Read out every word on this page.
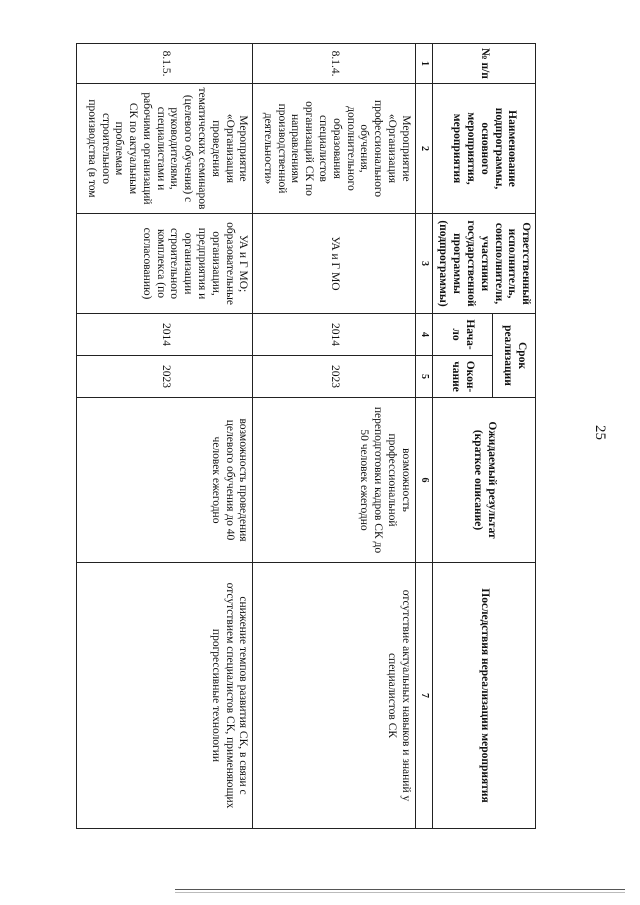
25
№ п/п	Наименование подпрограммы, основного мероприятия, мероприятия	Ответственный исполнитель, соисполнители, участники государственной программы (подпрограммы)	Срок реализации		Ожидаемый результат (краткое описание)	Последствия нереализации мероприятия
			Нача-ло	Окон-чание		
1	2	3	4	5	6	7
8.1.4.	Мероприятие «Организация профессионального обучения, дополнительного образования специалистов организаций СК по направлениям производственной деятельности»	УА и Г МО	2014	2023	возможность профессиональной переподготовки кадров СК до 50 человек ежегодно	отсутствие актуальных навыков и знаний у специалистов СК
8.1.5.	Мероприятие «Организация проведения тематических семинаров (целевого обучения) с руководителями, специалистами и рабочими организаций СК по актуальным проблемам строительного производства (в том	УА и Г МО; образовательные организации, предприятия и организации строительного комплекса (по согласованию)	2014	2023	возможность проведения целевого обучения до 40 человек ежегодно	снижение темпов развития СК, в связи с отсутствием специалистов СК, применяющих прогрессивные технологии
